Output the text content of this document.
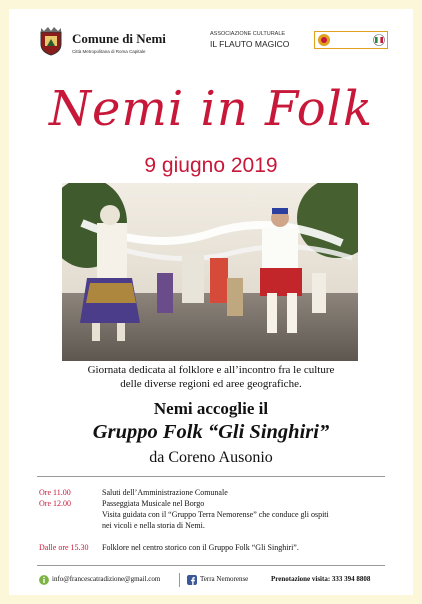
Comune di Nemi
Città Metropolitana di Roma Capitale
ASSOCIAZIONE CULTURALE
IL FLAUTO MAGICO
Nemi in Folk
9 giugno 2019
Giornata dedicata al folklore e all’incontro fra le culture
delle diverse regioni ed aree geografiche.
Nemi accoglie il
Gruppo Folk “Gli Singhiri”
da Coreno Ausonio
Ore 11.00	Saluti dell’Amministrazione Comunale
Ore 12.00	Passeggiata Musicale nel Borgo
Visita guidata con il “Gruppo Terra Nemorense” che conduce gli ospiti
nei vicoli e nella storia di Nemi.
Dalle ore 15.30 Folklore nel centro storico con il Gruppo Folk “Gli Singhiri”.
info@francescatradizione@gmail.com	Terra Nemorense	Prenotazione visita: 333 394 8808
